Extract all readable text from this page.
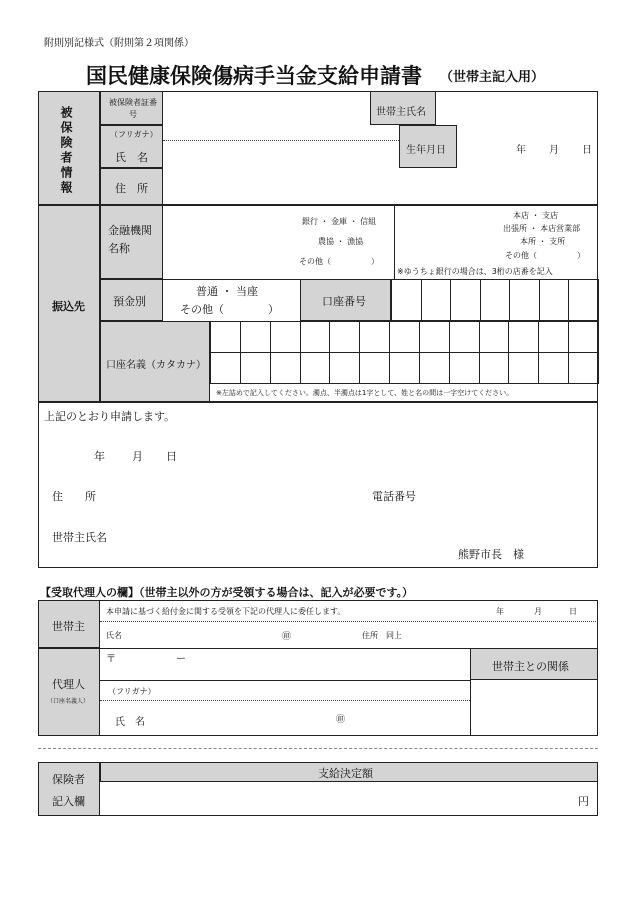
附則別記様式（附則第２項関係）
国民健康保険傷病手当金支給申請書 （世帯主記入用）
被保険者情報
被保険者証番号	世帯主氏名
（フリガナ）
氏　名
生年月日	年 月 日
住　所
振込先
金融機関名称
銀行 ・ 金庫 ・ 信組
農協 ・ 漁協
その他（　　　　　）
本店 ・ 支店
出張所 ・ 本店営業部
本所 ・ 支所
その他（　　　　　）
※ゆうちょ銀行の場合は、3桁の店番を記入
預金別
普通 ・ 当座
その他（　　　　）
口座番号
口座名義（カタカナ）
※左詰めで記入してください。濁点、半濁点は1字として、姓と名の間は一字空けてください。
上記のとおり申請します。
年 月 日
住　　所	電話番号
世帯主氏名
熊野市長　様
【受取代理人の欄】（世帯主以外の方が受領する場合は、記入が必要です。）
世帯主
本申請に基づく給付金に関する受領を下記の代理人に委任します。	年	月	日
氏名	㊞	住所　同上
代理人
（口座名義人）
〒	ー
世帯主との関係
（フリガナ）
氏　名	㊞
保険者
記入欄
支給決定額
円
